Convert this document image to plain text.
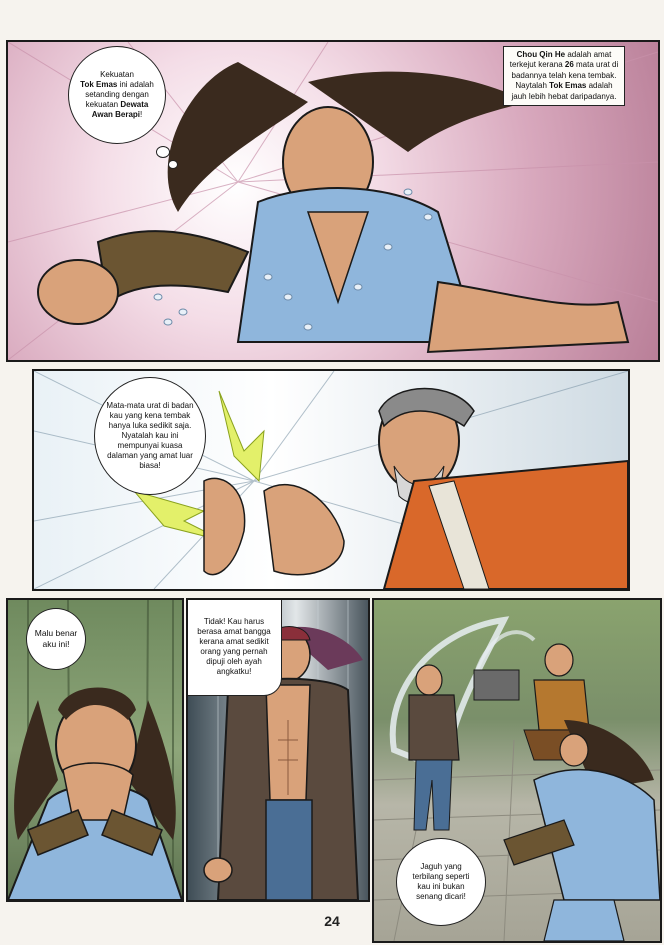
Chou Qin He adalah amat terkejut kerana 26 mata urat di badannya telah kena tembak. Naytalah Tok Emas adalah jauh lebih hebat daripadanya.
Kekuatan
Tok Emas ini adalah setanding dengan kekuatan Dewata Awan Berapi!
Mata-mata urat di badan kau yang kena tembak hanya luka sedikit saja. Nyatalah kau ini mempunyai kuasa dalaman yang amat luar biasa!
Malu benar aku ini!
Tidak! Kau harus berasa amat bangga kerana amat sedikit orang yang pernah dipuji oleh ayah angkatku!
Jaguh yang terbilang seperti kau ini bukan senang dicari!
24
